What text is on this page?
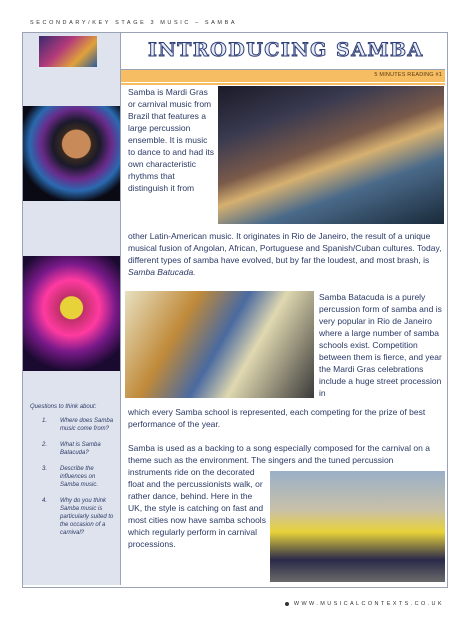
SECONDARY/KEY STAGE 3 MUSIC – SAMBA
INTRODUCING SAMBA
5 MINUTES READING #1
Samba is Mardi Gras or carnival music from Brazil that features a large percussion ensemble. It is music to dance to and had its own characteristic rhythms that distinguish it from
other Latin-American music. It originates in Rio de Janeiro, the result of a unique musical fusion of Angolan, African, Portuguese and Spanish/Cuban cultures. Today, different types of samba have evolved, but by far the loudest, and most brash, is Samba Batucada.
Samba Batacuda is a purely percussion form of samba and is very popular in Rio de Janeiro where a large number of samba schools exist. Competition between them is fierce, and year the Mardi Gras celebrations include a huge street procession in
which every Samba school is represented, each competing for the prize of best performance of the year.
Samba is used as a backing to a song especially composed for the carnival on a theme such as the environment. The singers and the tuned percussion
instruments ride on the decorated float and the percussionists walk, or rather dance, behind. Here in the UK, the style is catching on fast and most cities now have samba schools which regularly perform in carnival processions.

Questions to think about:

1.	Where does Samba music come from?
2.	What is Samba Batacuda?
3.	Describe the influences on Samba music.
4.	Why do you think Samba music is particularly suited to the occasion of a carnival?
WWW.MUSICALCONTEXTS.CO.UK
